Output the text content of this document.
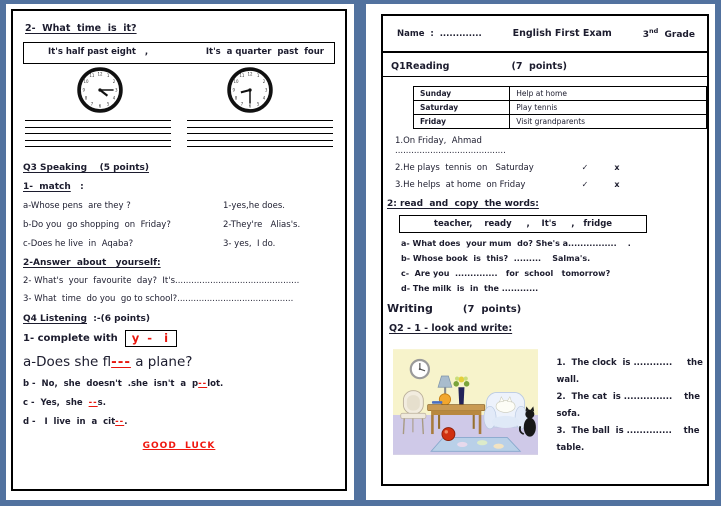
2-  What  time  is  it?
It's half past eight   ,	It's  a quarter  past  four
12 1
2
3
4
5
6
7
8
9
10
11	12 1
2
3
4
5
6
7
8
9
10
11
Q3 Speaking    (5 points)
1-  match   :
a-Whose pens  are they ?	1-yes,he does.
b-Do you  go shopping  on  Friday?	2-They're   Alias's.
c-Does he live  in  Aqaba?	3- yes,  I do.
2-Answer  about   yourself:
2- What's  your  favourite  day?  It's..............................................
3- What  time  do you  go to school?...........................................
Q4 Listening  :-(6 points)
1- complete with	y  -   i
a-Does she fl--- a plane?
b -  No,  she  doesn't  .she  isn't  a  p--lot.
c -  Yes,  she  --s.
d -   I  live  in  a  cit--.
GOOD  LUCK
Name  :  .............	English First Exam	3nd  Grade
Q1Reading	(7  points)
Sunday	Help at home
Saturday	Play tennis
Friday	Visit grandparents
1.On Friday,  Ahmad .........................................
2.He plays  tennis  on   Saturday	✓	x
3.He helps  at home  on Friday	✓	x
2: read  and  copy  the words:
teacher,    ready     ,    It's     ,   fridge
a- What does  your mum  do? She's a................    .
b- Whose book  is  this?  .........    Salma's.
c-  Are you  ..............   for  school   tomorrow?
d- The milk  is  in  the ............
Writing	(7  points)
Q2 - 1 - look and write:
1.  The clock  is ............     the wall.
2.  The cat  is ...............    the sofa.
3.  The ball  is ..............    the table.
